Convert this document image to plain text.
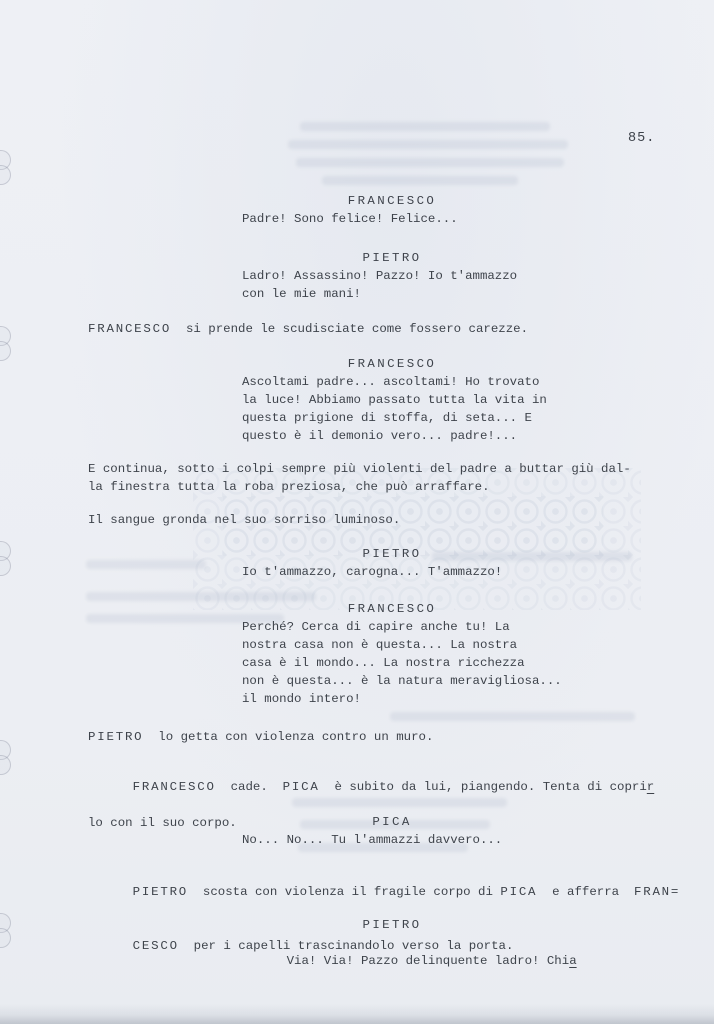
85.
FRANCESCO
Padre! Sono felice! Felice...
PIETRO
Ladro! Assassino! Pazzo! Io t'ammazzo
con le mie mani!
FRANCESCO  si prende le scudisciate come fossero carezze.
FRANCESCO
Ascoltami padre... ascoltami! Ho trovato
la luce! Abbiamo passato tutta la vita in
questa prigione di stoffa, di seta... E
questo è il demonio vero... padre!...
E continua, sotto i colpi sempre più violenti del padre a buttar giù dal-
la finestra tutta la roba preziosa, che può arraffare.
Il sangue gronda nel suo sorriso luminoso.
PIETRO
Io t'ammazzo, carogna... T'ammazzo!
FRANCESCO
Perché? Cerca di capire anche tu! La
nostra casa non è questa... La nostra
casa è il mondo... La nostra ricchezza
non è questa... è la natura meravigliosa...
il mondo intero!
PIETRO  lo getta con violenza contro un muro.

FRANCESCO  cade.  PICA  è subito da lui, piangendo. Tenta di coprir

lo con il suo corpo.	PICA
No... No... Tu l'ammazzi davvero...

PIETRO  scosta con violenza il fragile corpo di PICA  e afferra  FRAN=

CESCO  per i capelli trascinandolo verso la porta.

PIETRO

Via! Via! Pazzo delinquente ladro! Chia
